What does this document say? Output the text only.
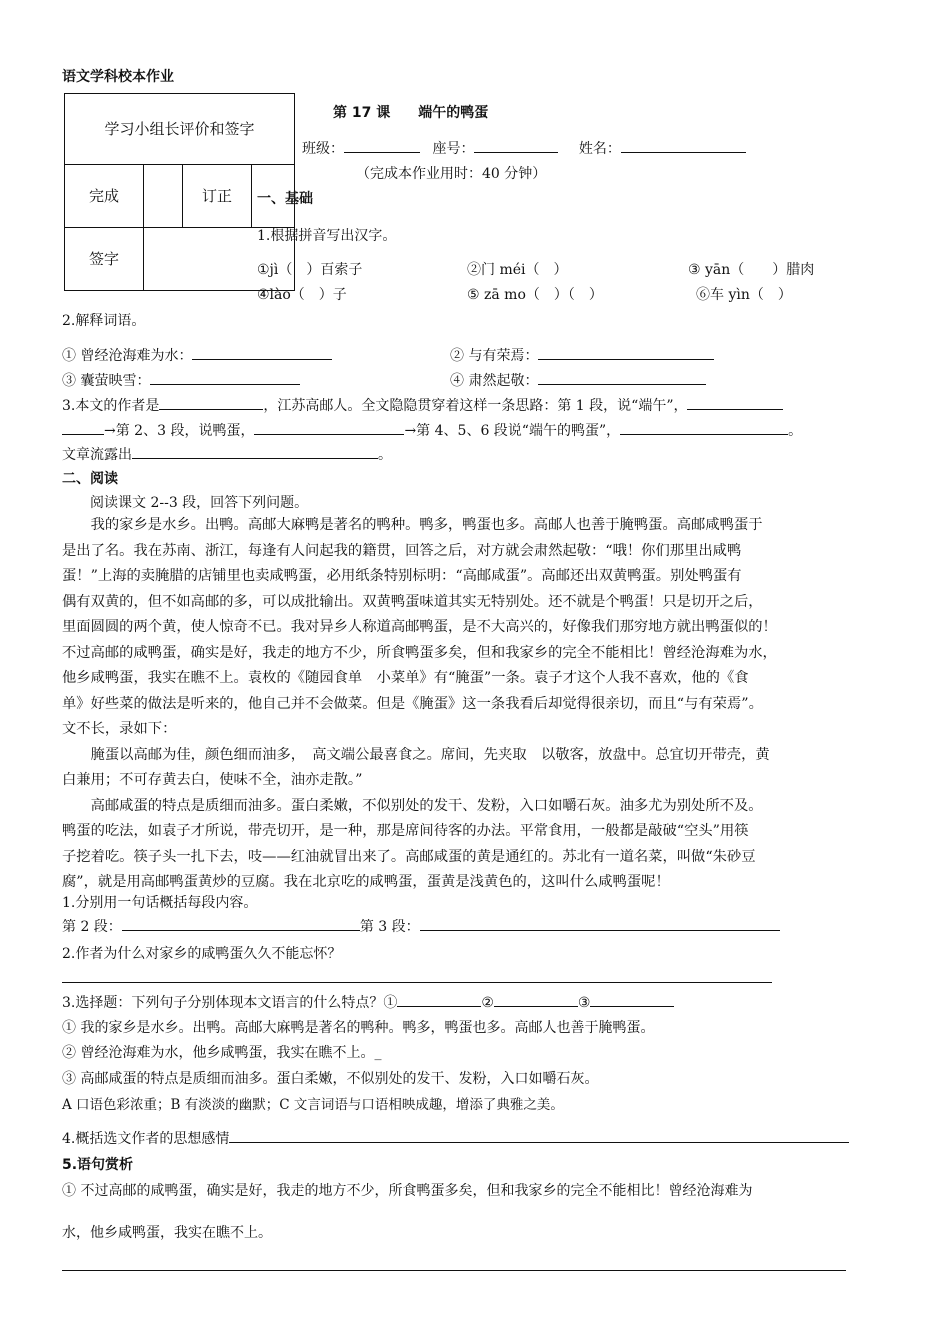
语文学科校本作业
学习小组长评价和签字			
完成		订正	
签字			
第 17 课　　端午的鸭蛋
班级：	座号：	姓名：
（完成本作业用时：40 分钟）
一、基础
1.根据拼音写出汉字。
①jì（　）百索子	②门 méi（　）	③ yān（　　）腊肉
④lào（　）子	⑤ zā mo（　）（　）	⑥车 yìn（　）
2.解释词语。
① 曾经沧海难为水：	② 与有荣焉：
③ 囊萤映雪：	④ 肃然起敬：
3.本文的作者是	，江苏高邮人。全文隐隐贯穿着这样一条思路：第 1 段，说“端午”，
→第 2、3 段，说鸭蛋，	→第 4、5、6 段说“端午的鸭蛋”，	。
文章流露出	。
二、阅读
阅读课文 2--3 段，回答下列问题。

　　我的家乡是水乡。出鸭。高邮大麻鸭是著名的鸭种。鸭多，鸭蛋也多。高邮人也善于腌鸭蛋。高邮咸鸭蛋于

是出了名。我在苏南、浙江，每逢有人问起我的籍贯，回答之后，对方就会肃然起敬：“哦！你们那里出咸鸭

蛋！”上海的卖腌腊的店铺里也卖咸鸭蛋，必用纸条特别标明：“高邮咸蛋”。高邮还出双黄鸭蛋。别处鸭蛋有

偶有双黄的，但不如高邮的多，可以成批输出。双黄鸭蛋味道其实无特别处。还不就是个鸭蛋！只是切开之后，

里面圆圆的两个黄，使人惊奇不已。我对异乡人称道高邮鸭蛋，是不大高兴的，好像我们那穷地方就出鸭蛋似的！

不过高邮的咸鸭蛋，确实是好，我走的地方不少，所食鸭蛋多矣，但和我家乡的完全不能相比！曾经沧海难为水，

他乡咸鸭蛋，我实在瞧不上。袁枚的《随园食单　小菜单》有“腌蛋”一条。袁子才这个人我不喜欢，他的《食

单》好些菜的做法是听来的，他自己并不会做菜。但是《腌蛋》这一条我看后却觉得很亲切，而且“与有荣焉”。

文不长，录如下：

　　腌蛋以高邮为佳，颜色细而油多，　高文端公最喜食之。席间，先夹取　以敬客，放盘中。总宜切开带壳，黄

白兼用；不可存黄去白，使味不全，油亦走散。”

　　高邮咸蛋的特点是质细而油多。蛋白柔嫩，不似别处的发干、发粉，入口如嚼石灰。油多尤为别处所不及。

鸭蛋的吃法，如袁子才所说，带壳切开，是一种，那是席间待客的办法。平常食用，一般都是敲破“空头”用筷

子挖着吃。筷子头一扎下去，吱——红油就冒出来了。高邮咸蛋的黄是通红的。苏北有一道名菜，叫做“朱砂豆

腐”，就是用高邮鸭蛋黄炒的豆腐。我在北京吃的咸鸭蛋，蛋黄是浅黄色的，这叫什么咸鸭蛋呢！

1.分别用一句话概括每段内容。
第 2 段：	第 3 段：
2.作者为什么对家乡的咸鸭蛋久久不能忘怀？
3.选择题：下列句子分别体现本文语言的什么特点？①	②	③
① 我的家乡是水乡。出鸭。高邮大麻鸭是著名的鸭种。鸭多，鸭蛋也多。高邮人也善于腌鸭蛋。
② 曾经沧海难为水，他乡咸鸭蛋，我实在瞧不上。_
③ 高邮咸蛋的特点是质细而油多。蛋白柔嫩，不似别处的发干、发粉，入口如嚼石灰。
A 口语色彩浓重；B 有淡淡的幽默；C 文言词语与口语相映成趣，增添了典雅之美。
4.概括选文作者的思想感情
5.语句赏析
① 不过高邮的咸鸭蛋，确实是好，我走的地方不少，所食鸭蛋多矣，但和我家乡的完全不能相比！曾经沧海难为
水，他乡咸鸭蛋，我实在瞧不上。
